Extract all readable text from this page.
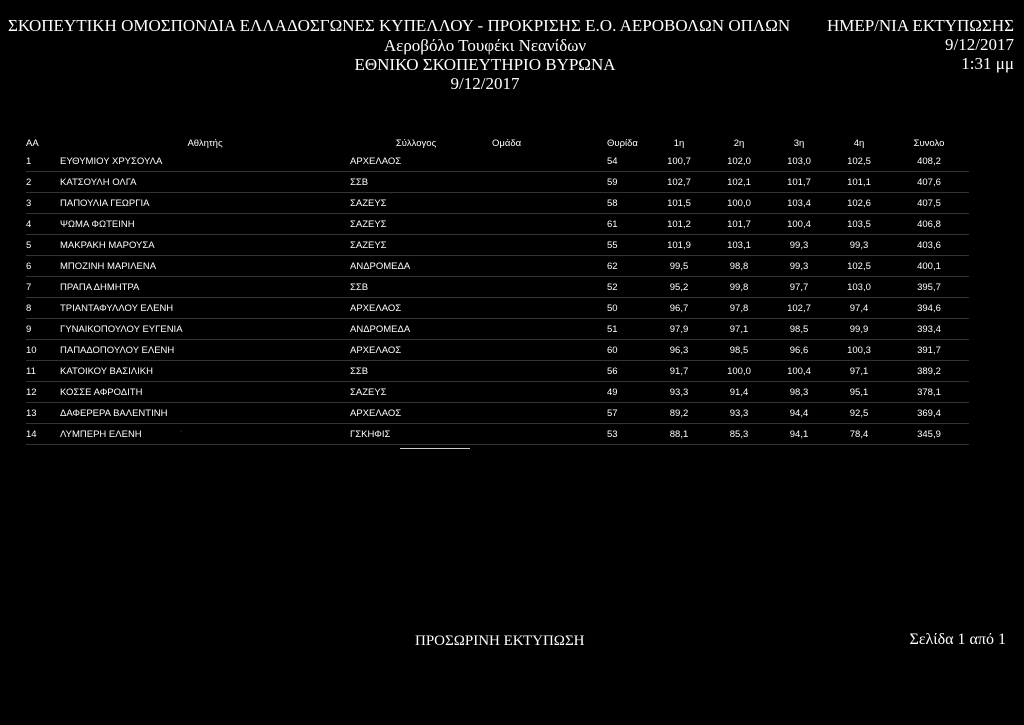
ΣΚΟΠΕΥΤΙΚΗ ΟΜΟΣΠΟΝΔΙΑ ΕΛΛΑΔΟΣΓΩΝΕΣ ΚΥΠΕΛΛΟΥ - ΠΡΟΚΡΙΣΗΣ Ε.Ο. ΑΕΡΟΒΟΛΩΝ ΟΠΛΩΝ
Αεροβόλο Τουφέκι Νεανίδων
ΕΘΝΙΚΟ ΣΚΟΠΕΥΤΗΡΙΟ ΒΥΡΩΝΑ
9/12/2017
ΗΜΕΡ/ΝΙΑ ΕΚΤΥΠΩΣΗΣ
9/12/2017
1:31 μμ
AA	Αθλητής	Σύλλογος	Ομάδα	Θυρίδα	1η	2η	3η	4η	Συνολο
1	ΕΥΘΥΜΙΟΥ ΧΡΥΣΟΥΛΑ	ΑΡΧΕΛΑΟΣ		54	100,7	102,0	103,0	102,5	408,2
2	ΚΑΤΣΟΥΛΗ ΟΛΓΑ	ΣΣΒ		59	102,7	102,1	101,7	101,1	407,6
3	ΠΑΠΟΥΛΙΑ ΓΕΩΡΓΙΑ	ΣΑΖΕΥΣ		58	101,5	100,0	103,4	102,6	407,5
4	ΨΩΜΑ ΦΩΤΕΙΝΗ	ΣΑΖΕΥΣ		61	101,2	101,7	100,4	103,5	406,8
5	ΜΑΚΡΑΚΗ ΜΑΡΟΥΣΑ	ΣΑΖΕΥΣ		55	101,9	103,1	99,3	99,3	403,6
6	ΜΠΟΖΙΝΗ ΜΑΡΙΛΕΝΑ	ΑΝΔΡΟΜΕΔΑ		62	99,5	98,8	99,3	102,5	400,1
7	ΠΡΑΠΑ ΔΗΜΗΤΡΑ	ΣΣΒ		52	95,2	99,8	97,7	103,0	395,7
8	ΤΡΙΑΝΤΑΦΥΛΛΟΥ ΕΛΕΝΗ	ΑΡΧΕΛΑΟΣ		50	96,7	97,8	102,7	97,4	394,6
9	ΓΥΝΑΙΚΟΠΟΥΛΟΥ ΕΥΓΕΝΙΑ	ΑΝΔΡΟΜΕΔΑ		51	97,9	97,1	98,5	99,9	393,4
10	ΠΑΠΑΔΟΠΟΥΛΟΥ ΕΛΕΝΗ	ΑΡΧΕΛΑΟΣ		60	96,3	98,5	96,6	100,3	391,7
11	ΚΑΤΟΙΚΟΥ ΒΑΣΙΛΙΚΗ	ΣΣΒ		56	91,7	100,0	100,4	97,1	389,2
12	ΚΟΣΣΕ ΑΦΡΟΔΙΤΗ	ΣΑΖΕΥΣ		49	93,3	91,4	98,3	95,1	378,1
13	ΔΑΦΕΡΕΡΑ ΒΑΛΕΝΤΙΝΗ	ΑΡΧΕΛΑΟΣ		57	89,2	93,3	94,4	92,5	369,4
14	ΛΥΜΠΕΡΗ ΕΛΕΝΗ	ΓΣΚΗΦΙΣ		53	88,1	85,3	94,1	78,4	345,9
·
ΠΡΟΣΩΡΙΝΗ ΕΚΤΥΠΩΣΗ	Σελίδα 1 από 1
